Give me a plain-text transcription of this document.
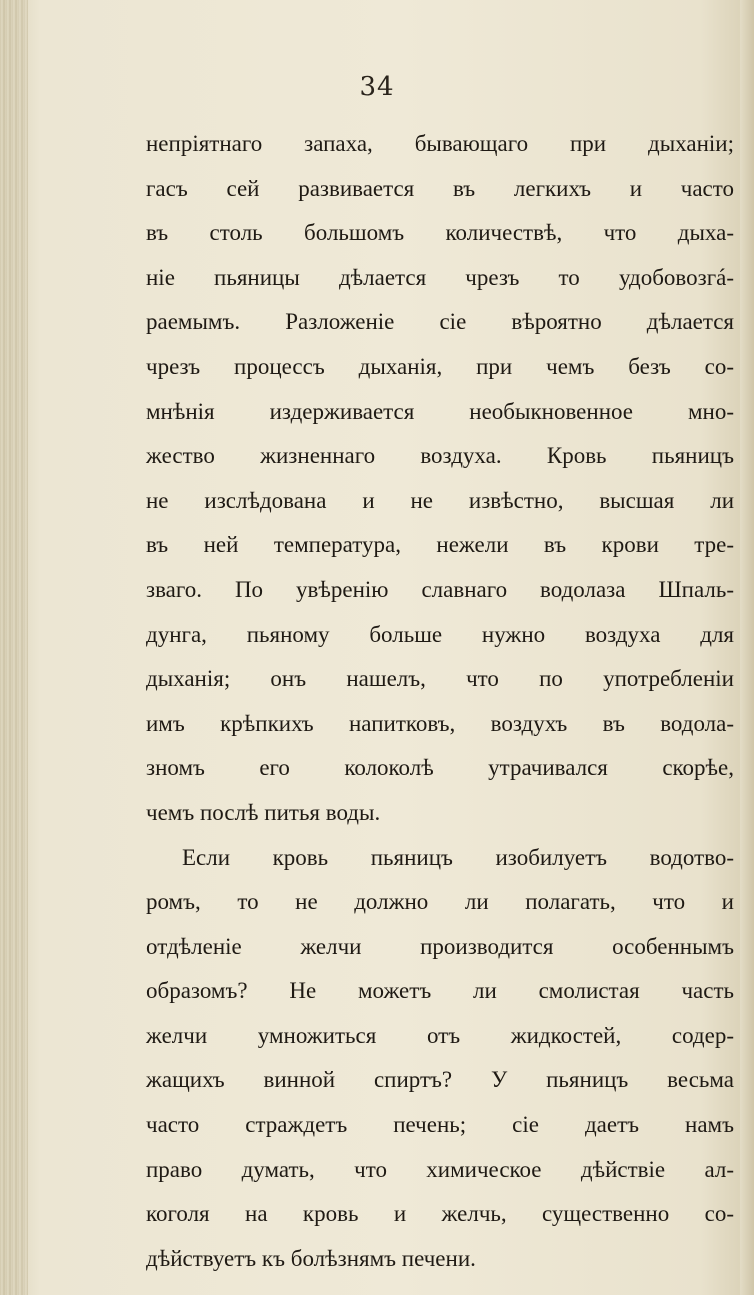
34
непріятнаго запаха, бывающаго при дыханіи;
гасъ сей развивается въ легкихъ и часто
въ столь большомъ количествѣ, что дыха-
ніе пьяницы дѣлается чрезъ то удобовозгá-
раемымъ. Разложеніе сіе вѣроятно дѣлается
чрезъ процессъ дыханія, при чемъ безъ со-
мнѣнія издерживается необыкновенное мно-
жество жизненнаго воздуха. Кровь пьяницъ
не изслѣдована и не извѣстно, высшая ли
въ ней температура, нежели въ крови тре-
зваго. По увѣренію славнаго водолаза Шпаль-
дунга, пьяному больше нужно воздуха для
дыханія; онъ нашелъ, что по употребленіи
имъ крѣпкихъ напитковъ, воздухъ въ водола-
зномъ его колоколѣ утрачивался скорѣе,
чемъ послѣ питья воды.
Если кровь пьяницъ изобилуетъ водотво-
ромъ, то не должно ли полагать, что и
отдѣленіе желчи производится особеннымъ
образомъ? Не можетъ ли смолистая часть
желчи умножиться отъ жидкостей, содер-
жащихъ винной спиртъ? У пьяницъ весьма
часто страждетъ печень; сіе даетъ намъ
право думать, что химическое дѣйствіе ал-
коголя на кровь и желчь, существенно со-
дѣйствуетъ къ болѣзнямъ печени.
